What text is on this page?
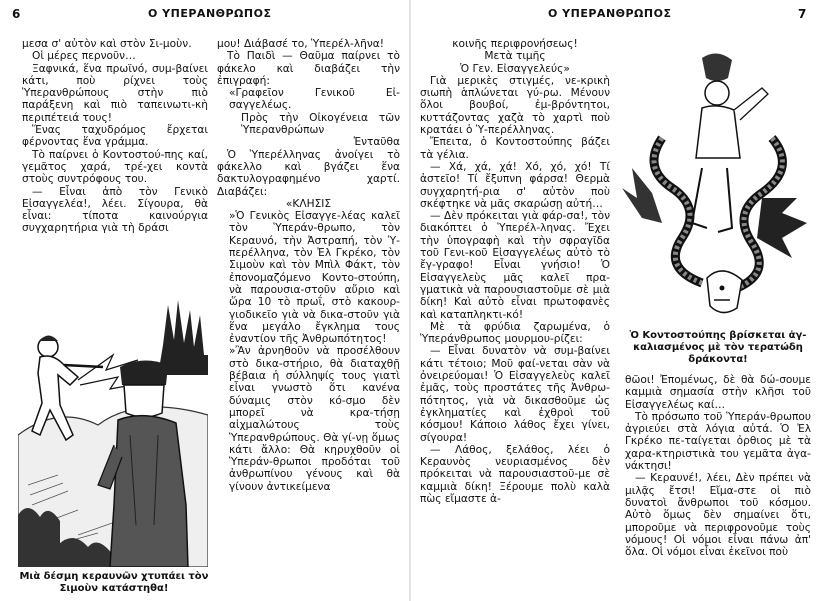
6	Ο ΥΠΕΡΑΝΘΡΩΠΟΣ	Ο ΥΠΕΡΑΝΘΡΩΠΟΣ	7

μεσα σ' αὐτὸν καὶ στὸν Σι-μοὺν.

Οἱ μέρες περνοῦν…

Ξαφνικά, ἕνα πρωϊνό, συμ-βαίνει κάτι, ποὺ ρίχνει τοὺς Ὑπερανθρώπους στὴν πιὸ παράξενη καὶ πιὸ ταπεινωτι-κὴ περιπέτειά τους!

Ἕνας ταχυδρόμος ἔρχεται φέρνοντας ἕνα γράμμα.

Τὸ παίρνει ὁ Κοντοστού-πης καί, γεμᾶτος χαρά, τρέ-χει κοντὰ στοὺς συντρόφους του.

— Εἶναι ἀπὸ τὸν Γενικὸ Εἰσαγγελέα!, λέει. Σίγουρα, θὰ εἶναι: τίποτα καινούργια συγχαρητήρια γιὰ τὴ δράσι

Μιὰ δέσμη κεραυνῶν χτυπάει τὸν Σιμοὺν κατάστηθα!

μου! Διάβασέ το, Ὑπερέλ-λῆνα!

Τὸ Παιδὶ — Θαῦμα παίρνει τὸ φάκελο καὶ διαβάζει τὴν ἐπιγραφή:

«Γραφεῖον Γενικοῦ Εἰ-σαγγελέως.

Πρὸς τὴν Οἰκογένεια τῶν Ὑπερανθρώπων

Ἐνταῦθα

Ὁ Ὑπερέλληνας ἀνοίγει τὸ φάκελλο καὶ βγάζει ἕνα δακτυλογραφημένο χαρτί. Διαβάζει:

«ΚΛΗΣΙΣ

»Ὁ Γενικὸς Εἰσαγγε-λέας καλεῖ τὸν Ὑπεράν-θρωπο, τὸν Κεραυνό, τὴν Ἀστραπή, τὸν Ὑ-περέλληνα, τὸν Ἐλ Γκρέκο, τὸν Σιμοὺν καὶ τὸν Μπὶλ Φάκτ, τὸν ἐπονομαζόμενο Κοντο-στούπη, νὰ παρουσια-στοῦν αὔριο καὶ ὥρα 10 τὸ πρωΐ, στὸ κακουρ-γιοδικεῖο γιὰ νὰ δικα-στοῦν γιὰ ἕνα μεγάλο ἔγκλημα τους ἐναντίον τῆς Ἀνθρωπότητος!

»Ἂν ἀρνηθοῦν νὰ προσέλθουν στὸ δικα-στήριο, θὰ διαταχθῇ βέβαια ἡ σύλληψίς τους γιατὶ εἶναι γνωστὸ ὅτι κανένα δύναμις στὸν κό-σμο δὲν μπορεῖ νὰ κρα-τήσῃ αἰχμαλώτους τοὺς Ὑπερανθρώπους. Θὰ γί-νῃ ὅμως κάτι ἄλλο: Θὰ κηρυχθοῦν οἱ Ὑπεράν-θρωποι προδόται τοῦ ἀνθρωπίνου γένους καὶ θὰ γίνουν ἀντικείμενα

κοινῆς περιφρονήσεως!

Μετὰ τιμῆς

Ὁ Γεν. Εἰσαγγελεύς»

Γιὰ μερικὲς στιγμές, νε-κρικὴ σιωπὴ ἁπλώνεται γύ-ρω. Μένουν ὅλοι βουβοί, ἐμ-βρόντητοι, κυττάζοντας χαζὰ τὸ χαρτὶ ποὺ κρατάει ὁ Ὑ-περέλληνας.

Ἔπειτα, ὁ Κοντοστούπης βάζει τὰ γέλια.

— Χά, χά, χά! Χό, χό, χό! Τί ἀστεῖο! Τί ἔξυπνη φάρσα! Θερμὰ συγχαρητή-ρια σ' αὐτὸν ποὺ σκέφτηκε νὰ μᾶς σκαρώσῃ αὐτή…

— Δὲν πρόκειται γιὰ φάρ-σα!, τὸν διακόπτει ὁ Ὑπερέλ-ληνας. Ἔχει τὴν ὑπογραφὴ καὶ τὴν σφραγῖδα τοῦ Γενι-κοῦ Εἰσαγγελέως αὐτὸ τὸ ἔγ-γραφο! Εἶναι γνήσιο! Ὁ Εἰσαγγελεὺς μᾶς καλεῖ πρα-γματικὰ νὰ παρουσιαστοῦμε σὲ μιὰ δίκη! Καὶ αὐτὸ εἶναι πρωτοφανὲς καὶ καταπληκτι-κό!

Μὲ τὰ φρύδια ζαρωμένα, ὁ Ὑπεράνθρωπος μουρμου-ρίζει:

— Εἶναι δυνατὸν νὰ συμ-βαίνει κάτι τέτοιο; Μοῦ φαί-νεται σὰν νὰ ὀνειρεύομαι! Ὁ Εἰσαγγελεὺς καλεῖ ἐμᾶς, τοὺς προστάτες τῆς Ἀνθρω-πότητος, γιὰ νὰ δικασθοῦμε ὡς ἐγκληματίες καὶ ἐχθροὶ τοῦ κόσμου! Κάποιο λάθος ἔχει γίνει, σίγουρα!

— Λάθος, ξελάθος, λέει ὁ Κεραυνὸς νευριασμένος δὲν πρόκειται νὰ παρουσιαστοῦ-με σὲ καμμιὰ δίκη! Ξέρουμε πολὺ καλὰ πὼς εἴμαστε ἀ-

Ὁ Κοντοστούπης βρίσκεται ἀγ-καλιασμένος μὲ τὸν τερατώδη δράκοντα!

θῶοι! Ἐπομένως, δὲ θὰ δώ-σουμε καμμιὰ σημασία στὴν κλῆσι τοῦ Εἰσαγγελέως καί…

Τὸ πρόσωπο τοῦ Ὑπεράν-θρωπου ἀγριεύει στὰ λόγια αὐτά. Ὁ Ἐλ Γκρέκο πε-ταίγεται ὀρθιος μὲ τὰ χαρα-κτηριστικὰ του γεμᾶτα ἀγα-νάκτησι!

— Κεραυνέ!, λέει, Δὲν πρέπει νὰ μιλᾷς ἔτσι! Εἴμα-στε οἱ πιὸ δυνατοὶ ἄνθρωποι τοῦ κόσμου. Αὐτὸ ὅμως δὲν σημαίνει ὅτι, μποροῦμε νὰ περιφρονοῦμε τοὺς νόμους! Οἱ νόμοι εἶναι πάνω ἀπ' ὅλα. Οἱ νόμοι εἶναι ἐκεῖνοι ποὺ
